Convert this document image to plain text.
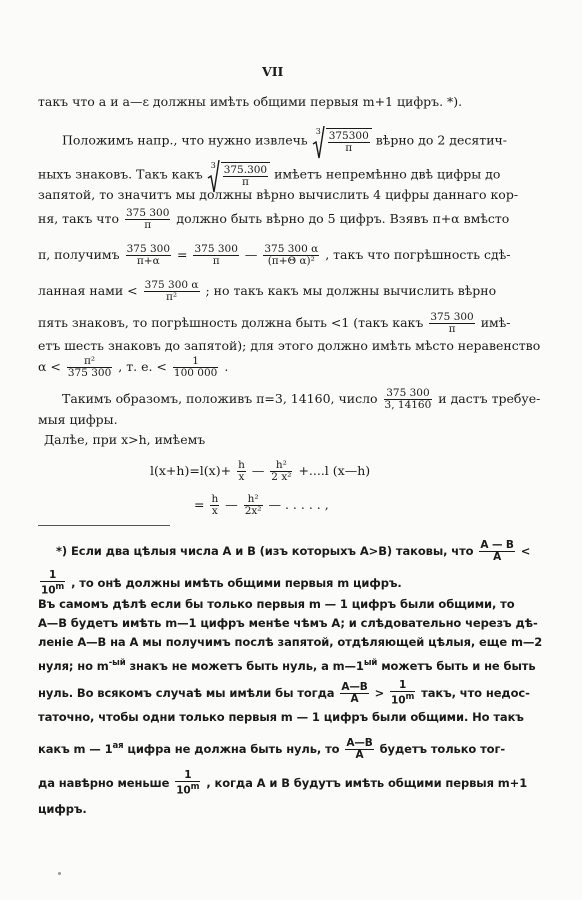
VII
такъ что a и a—ε должны имѣть общими первыя m+1 цифръ. *).
Положимъ напр., что нужно извлечь
$3 \frac{375300}{\pi}$ вѣрно до 2 десятич-
ныхъ знаковъ. Такъ какъ
$3 \frac{375.300}{\pi}$ имѣетъ непремѣнно двѣ цифры до
запятой, то значитъ мы должны вѣрно вычислить 4 цифры даннаго кор-
ня, такъ что $\frac{375 300}{\pi}$ должно быть вѣрно до 5 цифръ. Взявъ π+α вмѣсто
π, получимъ $\frac{375 300}{\pi+\alpha} = \frac{375 300}{\pi}$ — $\frac{375 300 \alpha}{\text{(π+Θ α)²}}$ , такъ что погрѣшность сдѣ-
ланная нами < $\frac{375 300 \alpha}{\text{π²}}$ ; но такъ какъ мы должны вычислить вѣрно
пять знаковъ, то погрѣшность должна быть <1 (такъ какъ $\frac{375 300}{\pi} имѣ-$
етъ шесть знаковъ до запятой); для этого должно имѣть мѣсто неравенство
$\alpha < \frac{\text{π²}}{375 300}$ , т. е. < $\frac{1}{100 000}$ .
Такимъ образомъ, положивъ π=3, 14160, число $\frac{375 300}{3, 14160}$ и дастъ требуе-
мыя цифры.
Далѣе, при x>h, имѣемъ
$l(x+h)=l(x)+ \frac{h}{x}$ — $\frac{\text{h²}}{\text{2 x²}} +....l$ (x—h)
= $\frac{h}{x}$ — $\frac{\text{h²}}{\text{2x²}}$ — . . . . . ,
*) Если два цѣлыя числа A и B (изъ которыхъ A>B) таковы, что $\frac{A — B}{A}$ <
$\frac{1}{10^m}$ , то онѣ должны имѣть общими первыя m цифръ.
Въ самомъ дѣлѣ если бы только первыя m — 1 цифръ были общими, то
A—B будетъ имѣть m—1 цифръ менѣе чѣмъ A; и слѣдовательно черезъ дѣ-
леніе A—B на A мы получимъ послѣ запятой, отдѣляющей цѣлыя, еще m—2
нуля; но $m^{-ый}$ знакъ не можетъ быть нуль, а $m—1^{ый}$ можетъ быть и не быть
нуль. Во всякомъ случаѣ мы имѣли бы тогда $\frac{A—B}{A} > \frac{1}{10^m}$ такъ, что недос-
таточно, чтобы одни только первыя m — 1 цифръ были общими. Но такъ
какъ m — $1^{ая}$ цифра не должна быть нуль, то $\frac{A—B}{A}$ будетъ только тог-
да навѣрно меньше $\frac{1}{10^m}$ , когда A и B будутъ имѣть общими первыя m+1
цифръ.
